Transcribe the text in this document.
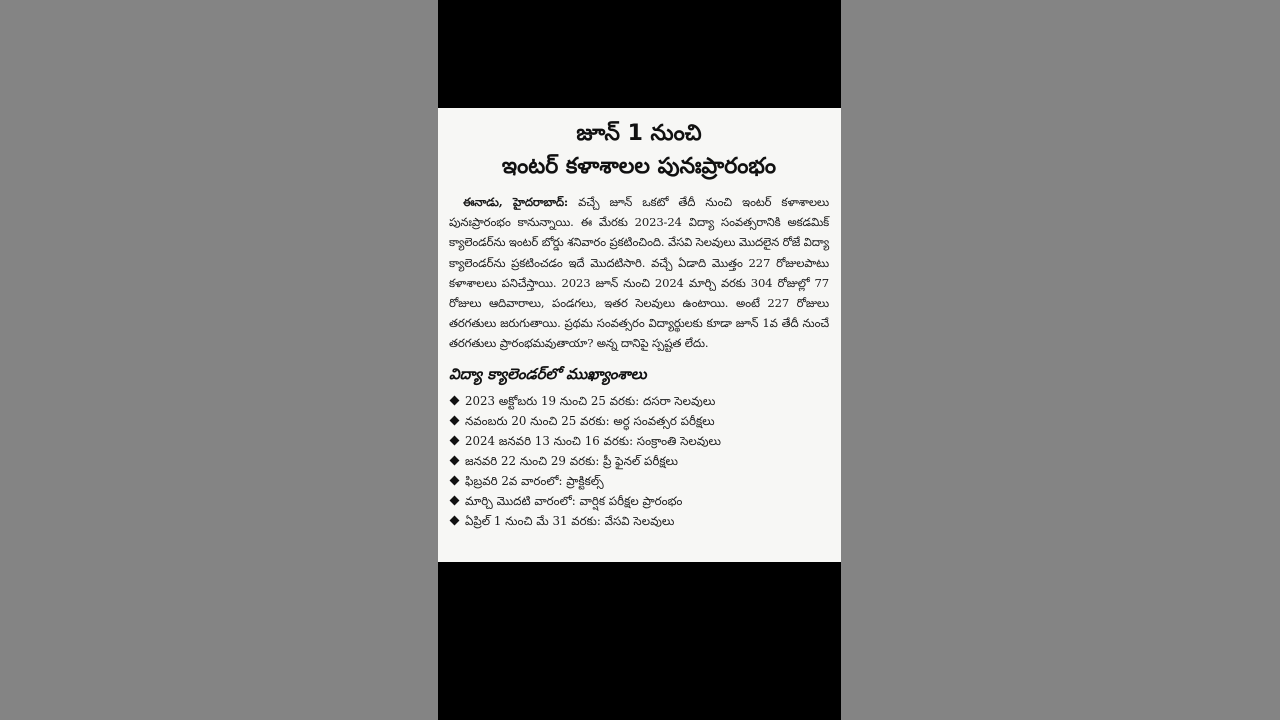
జూన్ 1 నుంచి
ఇంటర్ కళాశాలల పునఃప్రారంభం

ఈనాడు, హైదరాబాద్: వచ్చే జూన్ ఒకటో తేదీ నుంచి ఇంటర్ కళాశాలలు పునఃప్రారంభం కానున్నాయి. ఈ మేరకు 2023-24 విద్యా సంవత్సరానికి అకడమిక్ క్యాలెండర్‌ను ఇంటర్ బోర్డు శనివారం ప్రకటించింది. వేసవి సెలవులు మొదలైన రోజే విద్యా క్యాలెండర్‌ను ప్రకటించడం ఇదే మొదటిసారి. వచ్చే ఏడాది మొత్తం 227 రోజులపాటు కళాశాలలు పనిచేస్తాయి. 2023 జూన్ నుంచి 2024 మార్చి వరకు 304 రోజుల్లో 77 రోజులు ఆదివారాలు, పండగలు, ఇతర సెలవులు ఉంటాయి. అంటే 227 రోజులు తరగతులు జరుగుతాయి. ప్రథమ సంవత్సరం విద్యార్థులకు కూడా జూన్ 1వ తేదీ నుంచే తరగతులు ప్రారంభమవుతాయా? అన్న దానిపై స్పష్టత లేదు.

విద్యా క్యాలెండర్‌లో ముఖ్యాంశాలు
2023 అక్టోబరు 19 నుంచి 25 వరకు: దసరా సెలవులు
నవంబరు 20 నుంచి 25 వరకు: అర్ధ సంవత్సర పరీక్షలు
2024 జనవరి 13 నుంచి 16 వరకు: సంక్రాంతి సెలవులు
జనవరి 22 నుంచి 29 వరకు: ప్రీ ఫైనల్ పరీక్షలు
ఫిబ్రవరి 2వ వారంలో: ప్రాక్టికల్స్
మార్చి మొదటి వారంలో: వార్షిక పరీక్షల ప్రారంభం
ఏప్రిల్ 1 నుంచి మే 31 వరకు: వేసవి సెలవులు
